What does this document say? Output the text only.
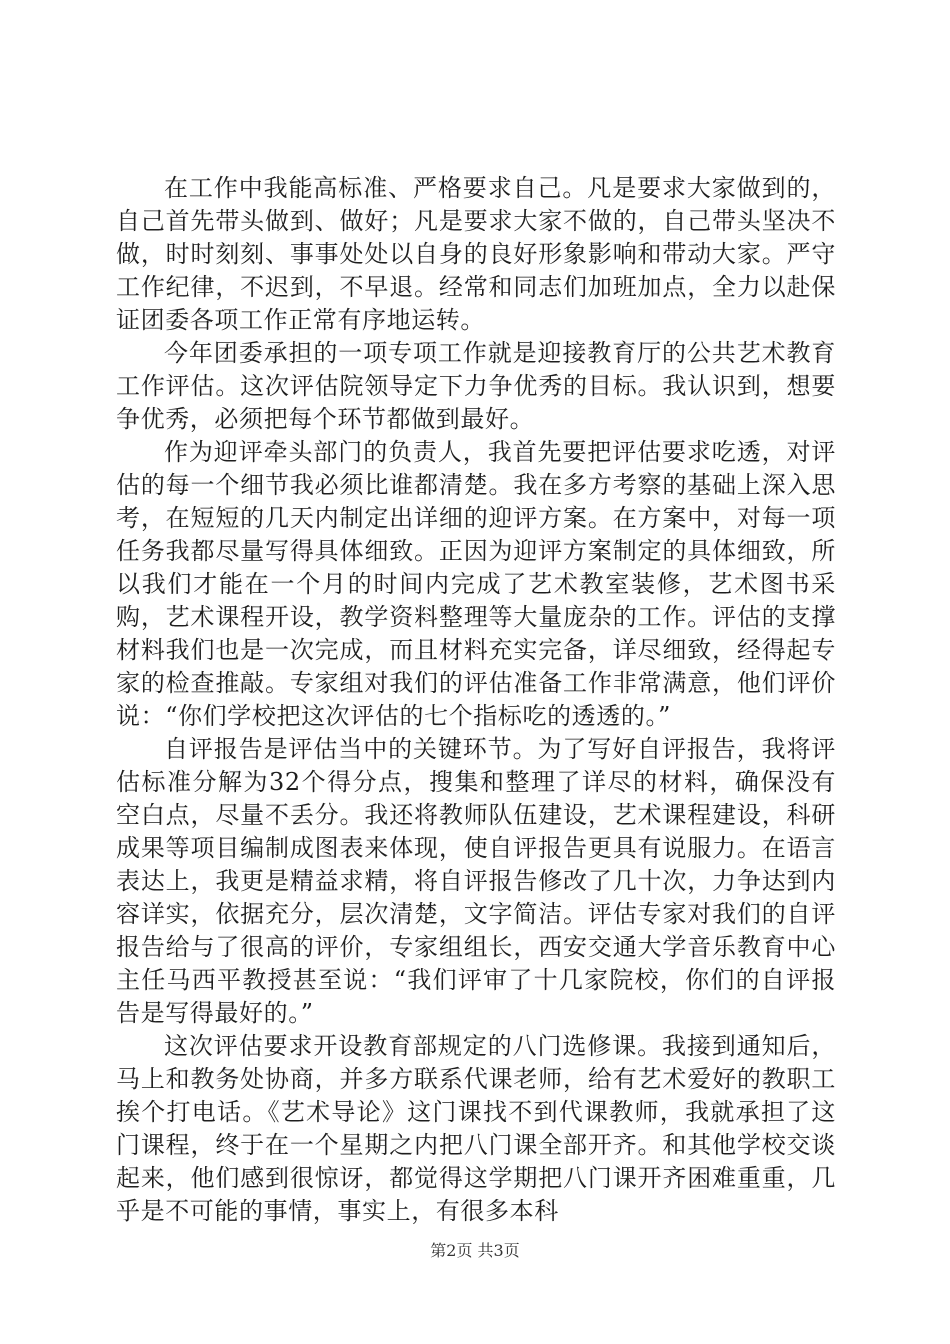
在工作中我能高标准、严格要求自己。凡是要求大家做到的，自己首先带头做到、做好；凡是要求大家不做的，自己带头坚决不做，时时刻刻、事事处处以自身的良好形象影响和带动大家。严守工作纪律，不迟到，不早退。经常和同志们加班加点，全力以赴保证团委各项工作正常有序地运转。

今年团委承担的一项专项工作就是迎接教育厅的公共艺术教育工作评估。这次评估院领导定下力争优秀的目标。我认识到，想要争优秀，必须把每个环节都做到最好。

作为迎评牵头部门的负责人，我首先要把评估要求吃透，对评估的每一个细节我必须比谁都清楚。我在多方考察的基础上深入思考，在短短的几天内制定出详细的迎评方案。在方案中，对每一项任务我都尽量写得具体细致。正因为迎评方案制定的具体细致，所以我们才能在一个月的时间内完成了艺术教室装修，艺术图书采购，艺术课程开设，教学资料整理等大量庞杂的工作。评估的支撑材料我们也是一次完成，而且材料充实完备，详尽细致，经得起专家的检查推敲。专家组对我们的评估准备工作非常满意，他们评价说：“你们学校把这次评估的七个指标吃的透透的。”

自评报告是评估当中的关键环节。为了写好自评报告，我将评估标准分解为32个得分点，搜集和整理了详尽的材料，确保没有空白点，尽量不丢分。我还将教师队伍建设，艺术课程建设，科研成果等项目编制成图表来体现，使自评报告更具有说服力。在语言表达上，我更是精益求精，将自评报告修改了几十次，力争达到内容详实，依据充分，层次清楚，文字简洁。评估专家对我们的自评报告给与了很高的评价，专家组组长，西安交通大学音乐教育中心主任马西平教授甚至说：“我们评审了十几家院校，你们的自评报告是写得最好的。”

这次评估要求开设教育部规定的八门选修课。我接到通知后，马上和教务处协商，并多方联系代课老师，给有艺术爱好的教职工挨个打电话。《艺术导论》这门课找不到代课教师，我就承担了这门课程，终于在一个星期之内把八门课全部开齐。和其他学校交谈起来，他们感到很惊讶，都觉得这学期把八门课开齐困难重重，几乎是不可能的事情，事实上，有很多本科

第2页 共3页
